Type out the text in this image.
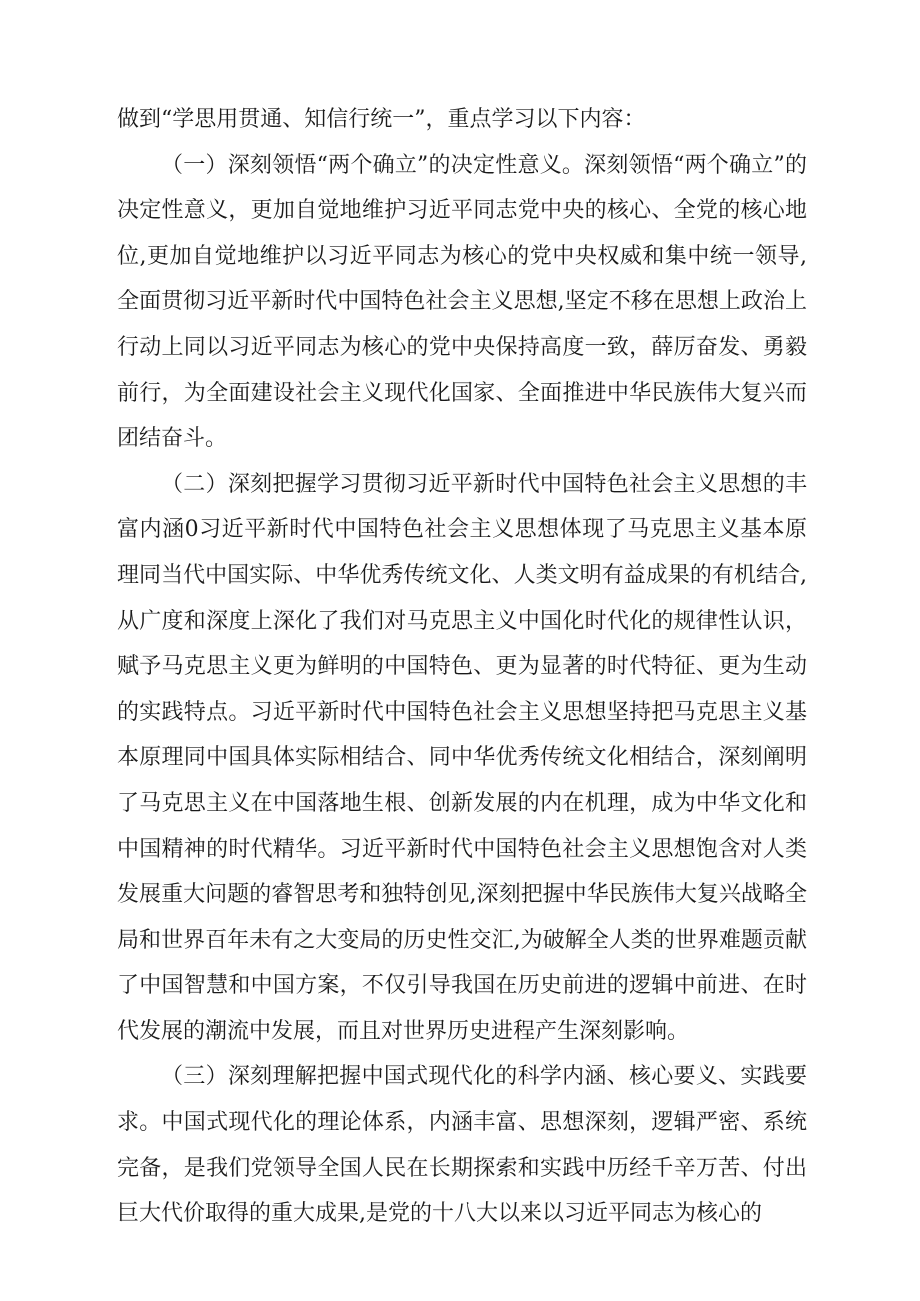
做到“学思用贯通、知信行统一”，重点学习以下内容：

（一）深刻领悟“两个确立”的决定性意义。深刻领悟“两个确立”的决定性意义，更加自觉地维护习近平同志党中央的核心、全党的核心地位,更加自觉地维护以习近平同志为核心的党中央权威和集中统一领导,全面贯彻习近平新时代中国特色社会主义思想,坚定不移在思想上政治上行动上同以习近平同志为核心的党中央保持高度一致，薛厉奋发、勇毅前行，为全面建设社会主义现代化国家、全面推进中华民族伟大复兴而团结奋斗。

（二）深刻把握学习贯彻习近平新时代中国特色社会主义思想的丰富内涵0习近平新时代中国特色社会主义思想体现了马克思主义基本原理同当代中国实际、中华优秀传统文化、人类文明有益成果的有机结合,从广度和深度上深化了我们对马克思主义中国化时代化的规律性认识，赋予马克思主义更为鲜明的中国特色、更为显著的时代特征、更为生动的实践特点。习近平新时代中国特色社会主义思想坚持把马克思主义基本原理同中国具体实际相结合、同中华优秀传统文化相结合，深刻阐明了马克思主义在中国落地生根、创新发展的内在机理，成为中华文化和中国精神的时代精华。习近平新时代中国特色社会主义思想饱含对人类发展重大问题的睿智思考和独特创见,深刻把握中华民族伟大复兴战略全局和世界百年未有之大变局的历史性交汇,为破解全人类的世界难题贡献了中国智慧和中国方案，不仅引导我国在历史前进的逻辑中前进、在时代发展的潮流中发展，而且对世界历史进程产生深刻影响。

（三）深刻理解把握中国式现代化的科学内涵、核心要义、实践要求。中国式现代化的理论体系，内涵丰富、思想深刻，逻辑严密、系统完备，是我们党领导全国人民在长期探索和实践中历经千辛万苦、付出巨大代价取得的重大成果,是党的十八大以来以习近平同志为核心的
